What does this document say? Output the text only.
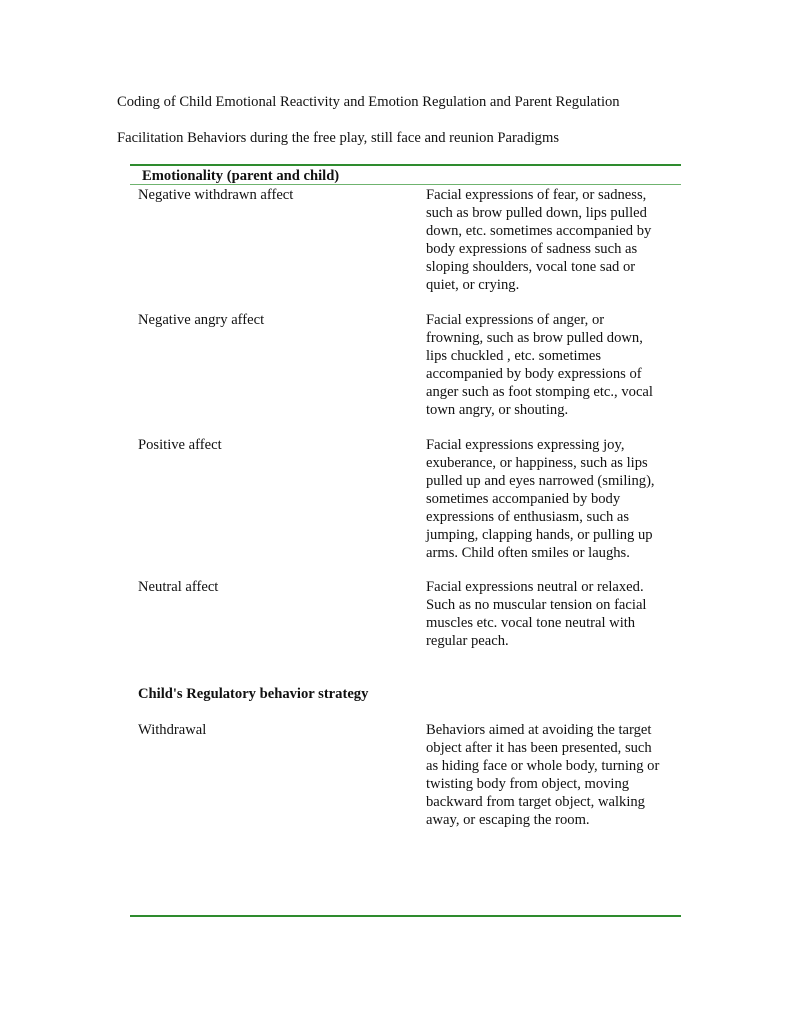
Coding of Child Emotional Reactivity and Emotion Regulation and Parent Regulation

Facilitation Behaviors during the free play, still face and reunion Paradigms

Emotionality (parent and child)
Negative withdrawn affect	Facial expressions of fear, or sadness,
such as brow pulled down, lips pulled
down, etc. sometimes accompanied by
body expressions of sadness such as
sloping shoulders, vocal tone sad or
quiet, or crying.
Negative angry affect	Facial expressions of anger, or
frowning, such as brow pulled down,
lips chuckled , etc. sometimes
accompanied by body expressions of
anger such as foot stomping etc., vocal
town angry, or shouting.
Positive affect	Facial expressions expressing joy,
exuberance, or happiness, such as lips
pulled up and eyes narrowed (smiling),
sometimes accompanied by body
expressions of enthusiasm, such as
jumping, clapping hands, or pulling up
arms. Child often smiles or laughs.
Neutral affect	Facial expressions neutral or relaxed.
Such as no muscular tension on facial
muscles etc. vocal tone neutral with
regular peach.
Child's Regulatory behavior strategy
Withdrawal	Behaviors aimed at avoiding the target
object after it has been presented, such
as hiding face or whole body, turning or
twisting body from object, moving
backward from target object, walking
away, or escaping the room.
